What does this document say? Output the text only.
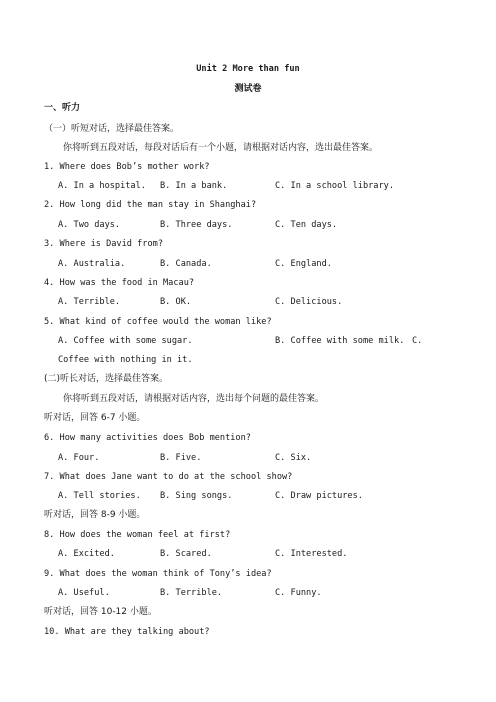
Unit 2 More than fun
测试卷
一、听力
（一）听短对话，选择最佳答案。
你将听到五段对话，每段对话后有一个小题，请根据对话内容，选出最佳答案。
1. Where does Bob’s mother work?
A. In a hospital. B. In a bank.	C. In a school library.
2. How long did the man stay in Shanghai?
A. Two days.	B. Three days.	C. Ten days.
3. Where is David from?
A. Australia.	B. Canada.	C. England.
4. How was the food in Macau?
A. Terrible.	B. OK.	C. Delicious.
5. What kind of coffee would the woman like?
A. Coffee with some sugar.	B. Coffee with some milk. C.
Coffee with nothing in it.
(二)听长对话，选择最佳答案。
你将听到五段对话，请根据对话内容，选出每个问题的最佳答案。
听对话，回答 6-7 小题。
6. How many activities does Bob mention?
A. Four.	B. Five.	C. Six.
7. What does Jane want to do at the school show?
A. Tell stories. B. Sing songs.	C. Draw pictures.
听对话，回答 8-9 小题。
8. How does the woman feel at first?
A. Excited.	B. Scared.	C. Interested.
9. What does the woman think of Tony’s idea?
A. Useful.	B. Terrible.	C. Funny.
听对话，回答 10-12 小题。
10. What are they talking about?
